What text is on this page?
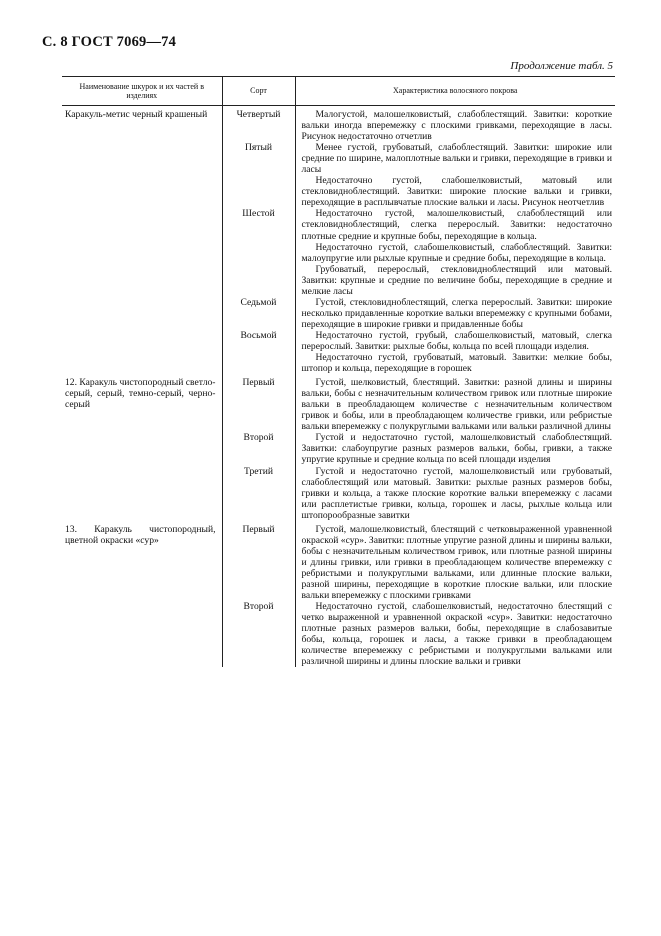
С. 8 ГОСТ 7069—74
Продолжение табл. 5
Наименование шкурок и их частей в изделиях	Сорт	Характеристика волосяного покрова
Каракуль-метис черный крашеный	Четвертый	Малогустой, малошелковистый, слабоблестящий. Завитки: короткие вальки иногда вперемежку с плоскими гривками, переходящие в ласы. Рисунок недостаточно отчетлив

	Пятый	Менее густой, грубоватый, слабоблестящий. Завитки: широкие или средние по ширине, малоплотные вальки и гривки, переходящие в гривки и ласы

		Недостаточно густой, слабошелковистый, матовый или стекловидноблестящий. Завитки: широкие плоские вальки и гривки, переходящие в расплывчатые плоские вальки и ласы. Рисунок неотчетлив

	Шестой	Недостаточно густой, малошелковистый, слабоблестящий или стекловидноблестящий, слегка перерослый. Завитки: недостаточно плотные средние и крупные бобы, переходящие в кольца.

		Недостаточно густой, слабошелковистый, слабоблестящий. Завитки: малоупругие или рыхлые крупные и средние бобы, переходящие в кольца.

		Грубоватый, перерослый, стекловидноблестящий или матовый. Завитки: крупные и средние по величине бобы, переходящие в средние и мелкие ласы

	Седьмой	Густой, стекловидноблестящий, слегка перерослый. Завитки: широкие несколько придавленные короткие вальки вперемежку с крупными бобами, переходящие в широкие гривки и придавленные бобы

	Восьмой	Недостаточно густой, грубый, слабошелковистый, матовый, слегка перерослый. Завитки: рыхлые бобы, кольца по всей площади изделия.

		Недостаточно густой, грубоватый, матовый. Завитки: мелкие бобы, штопор и кольца, переходящие в горошек

12. Каракуль чистопородный светло-серый, серый, темно-серый, черно-серый	Первый	Густой, шелковистый, блестящий. Завитки: разной длины и ширины вальки, бобы с незначительным количеством гривок или плотные широкие вальки в преобладающем количестве с незначительным количеством гривок и бобы, или в преобладающем количестве гривки, или ребристые вальки вперемежку с полукруглыми вальками или вальки различной длины

	Второй	Густой и недостаточно густой, малошелковистый слабоблестящий. Завитки: слабоупругие разных размеров вальки, бобы, гривки, а также упругие крупные и средние кольца по всей площади изделия

	Третий	Густой и недостаточно густой, малошелковистый или грубоватый, слабоблестящий или матовый. Завитки: рыхлые разных размеров бобы, гривки и кольца, а также плоские короткие вальки вперемежку с ласами или расплетистые гривки, кольца, горошек и ласы, рыхлые кольца или штопорообразные завитки

13. Каракуль чистопородный, цветной окраски «сур»	Первый	Густой, малошелковистый, блестящий с четковыраженной уравненной окраской «сур». Завитки: плотные упругие разной длины и ширины вальки, бобы с незначительным количеством гривок, или плотные разной ширины и длины гривки, или гривки в преобладающем количестве вперемежку с ребристыми и полукруглыми вальками, или длинные плоские вальки, разной ширины, переходящие в короткие плоские вальки, или плоские вальки вперемежку с плоскими гривками

	Второй	Недостаточно густой, слабошелковистый, недостаточно блестящий с четко выраженной и уравненной окраской «сур». Завитки: недостаточно плотные разных размеров вальки, бобы, переходящие в слабозавитые бобы, кольца, горошек и ласы, а также гривки в преобладающем количестве вперемежку с ребристыми и полукруглыми вальками или различной ширины и длины плоские вальки и гривки
